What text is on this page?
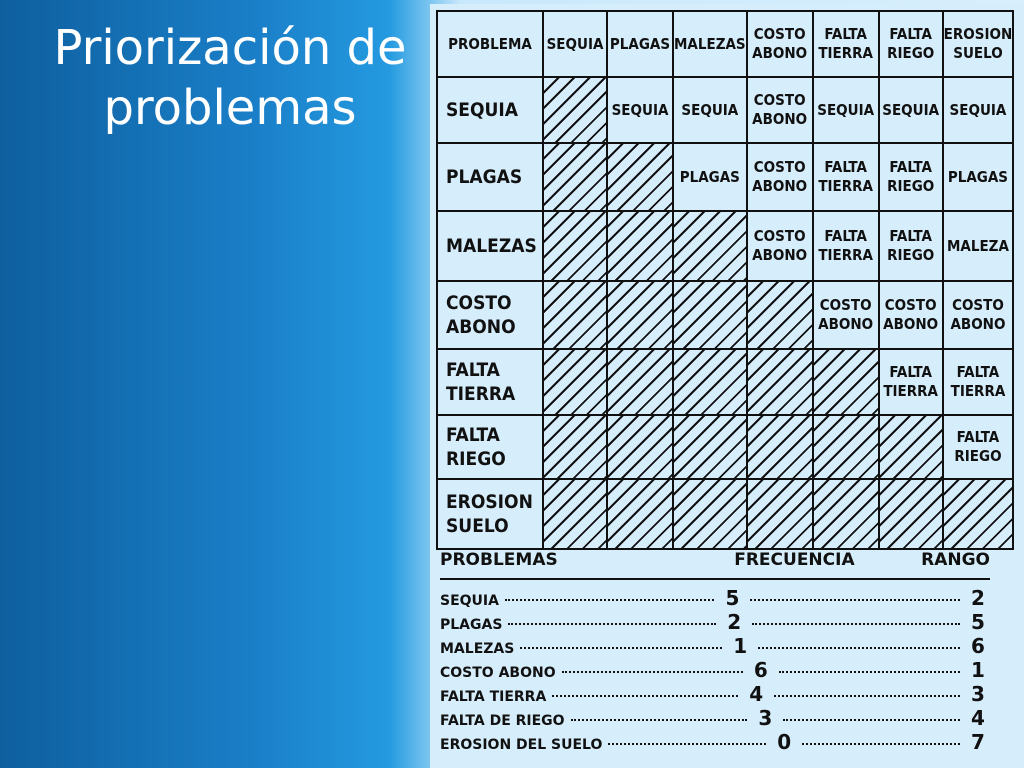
Priorización de problemas
PROBLEMA	SEQUIA	PLAGAS	MALEZAS	COSTO ABONO	FALTA TIERRA	FALTA RIEGO	EROSION SUELO
SEQUIA		SEQUIA	SEQUIA	COSTO ABONO	SEQUIA	SEQUIA	SEQUIA
PLAGAS			PLAGAS	COSTO ABONO	FALTA TIERRA	FALTA RIEGO	PLAGAS
MALEZAS				COSTO ABONO	FALTA TIERRA	FALTA RIEGO	MALEZA
COSTO ABONO					COSTO ABONO	COSTO ABONO	COSTO ABONO
FALTA TIERRA						FALTA TIERRA	FALTA TIERRA
FALTA RIEGO							FALTA RIEGO
EROSION SUELO							
PROBLEMAS	FRECUENCIA	RANGO
SEQUIA	5	2
PLAGAS	2	5
MALEZAS	1	6
COSTO ABONO	6	1
FALTA TIERRA	4	3
FALTA DE RIEGO	3	4
EROSION DEL SUELO	0	7
